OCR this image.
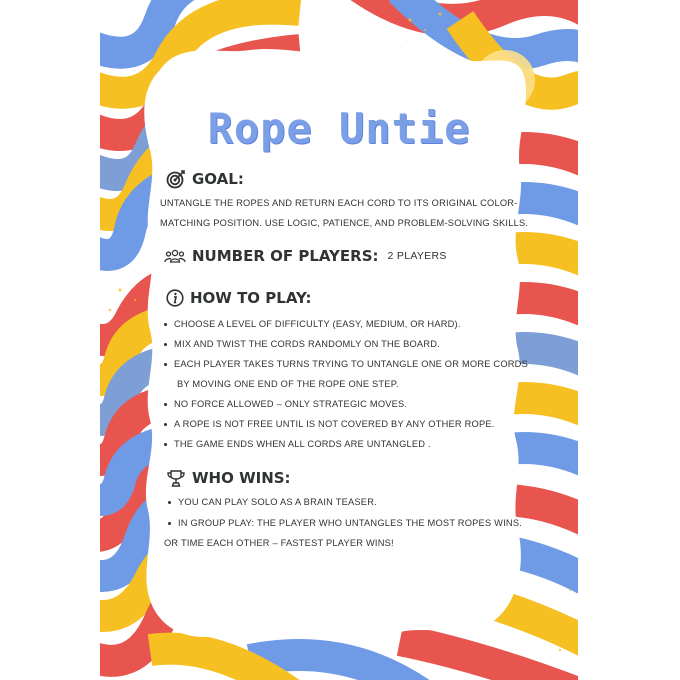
Rope Untie
GOAL:
UNTANGLE THE ROPES AND RETURN EACH CORD TO ITS ORIGINAL COLOR-
MATCHING POSITION. USE LOGIC, PATIENCE, AND PROBLEM-SOLVING SKILLS.
NUMBER OF PLAYERS: 2 PLAYERS
HOW TO PLAY:
CHOOSE A LEVEL OF DIFFICULTY (EASY, MEDIUM, OR HARD).
MIX AND TWIST THE CORDS RANDOMLY ON THE BOARD.
EACH PLAYER TAKES TURNS TRYING TO UNTANGLE ONE OR MORE CORDS
BY MOVING ONE END OF THE ROPE ONE STEP.
NO FORCE ALLOWED – ONLY STRATEGIC MOVES.
A ROPE IS NOT FREE UNTIL IS NOT COVERED BY ANY OTHER ROPE.
THE GAME ENDS WHEN ALL CORDS ARE UNTANGLED .
WHO WINS:
YOU CAN PLAY SOLO AS A BRAIN TEASER.
IN GROUP PLAY: THE PLAYER WHO UNTANGLES THE MOST ROPES WINS.
OR TIME EACH OTHER – FASTEST PLAYER WINS!
